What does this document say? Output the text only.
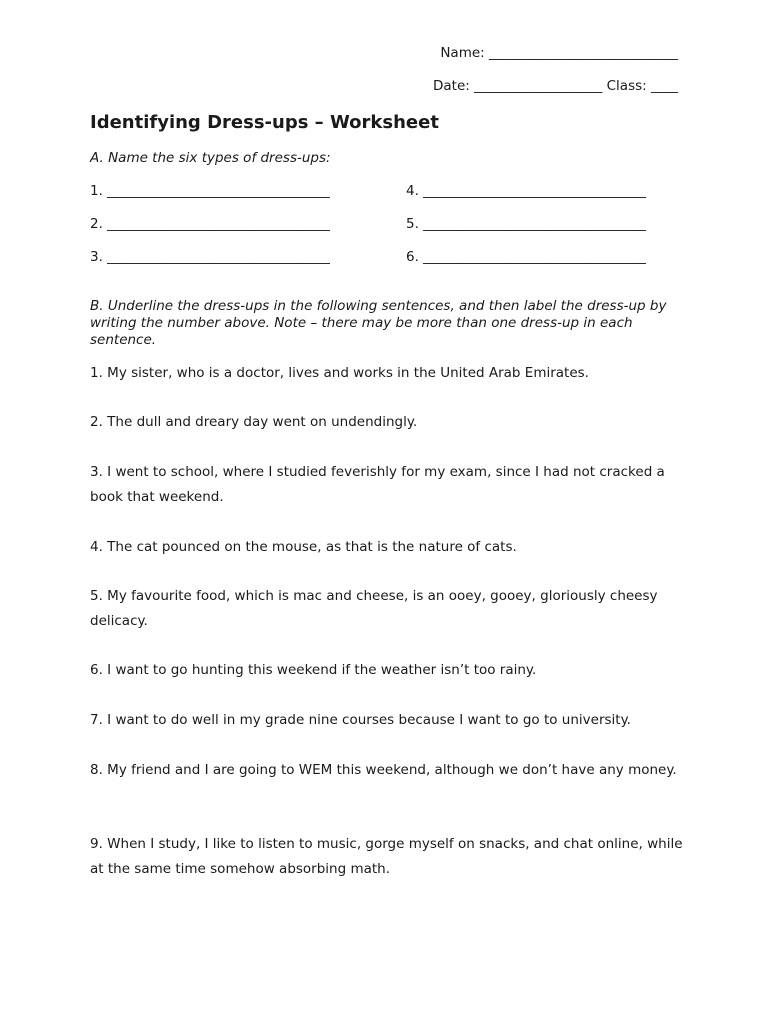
Name: ____________________________
Date: ___________________ Class: ____
Identifying Dress-ups – Worksheet
A. Name the six types of dress-ups:
1. _________________________________
2. _________________________________
3. _________________________________
4. _________________________________
5. _________________________________
6. _________________________________
B. Underline the dress-ups in the following sentences, and then label the dress-up by writing the number above. Note – there may be more than one dress-up in each sentence.
1. My sister, who is a doctor, lives and works in the United Arab Emirates.
2. The dull and dreary day went on undendingly.
3. I went to school, where I studied feverishly for my exam, since I had not cracked a book that weekend.
4. The cat pounced on the mouse, as that is the nature of cats.
5. My favourite food, which is mac and cheese, is an ooey, gooey, gloriously cheesy delicacy.
6. I want to go hunting this weekend if the weather isn’t too rainy.
7. I want to do well in my grade nine courses because I want to go to university.
8. My friend and I are going to WEM this weekend, although we don’t have any money.
9. When I study, I like to listen to music, gorge myself on snacks, and chat online, while at the same time somehow absorbing math.
